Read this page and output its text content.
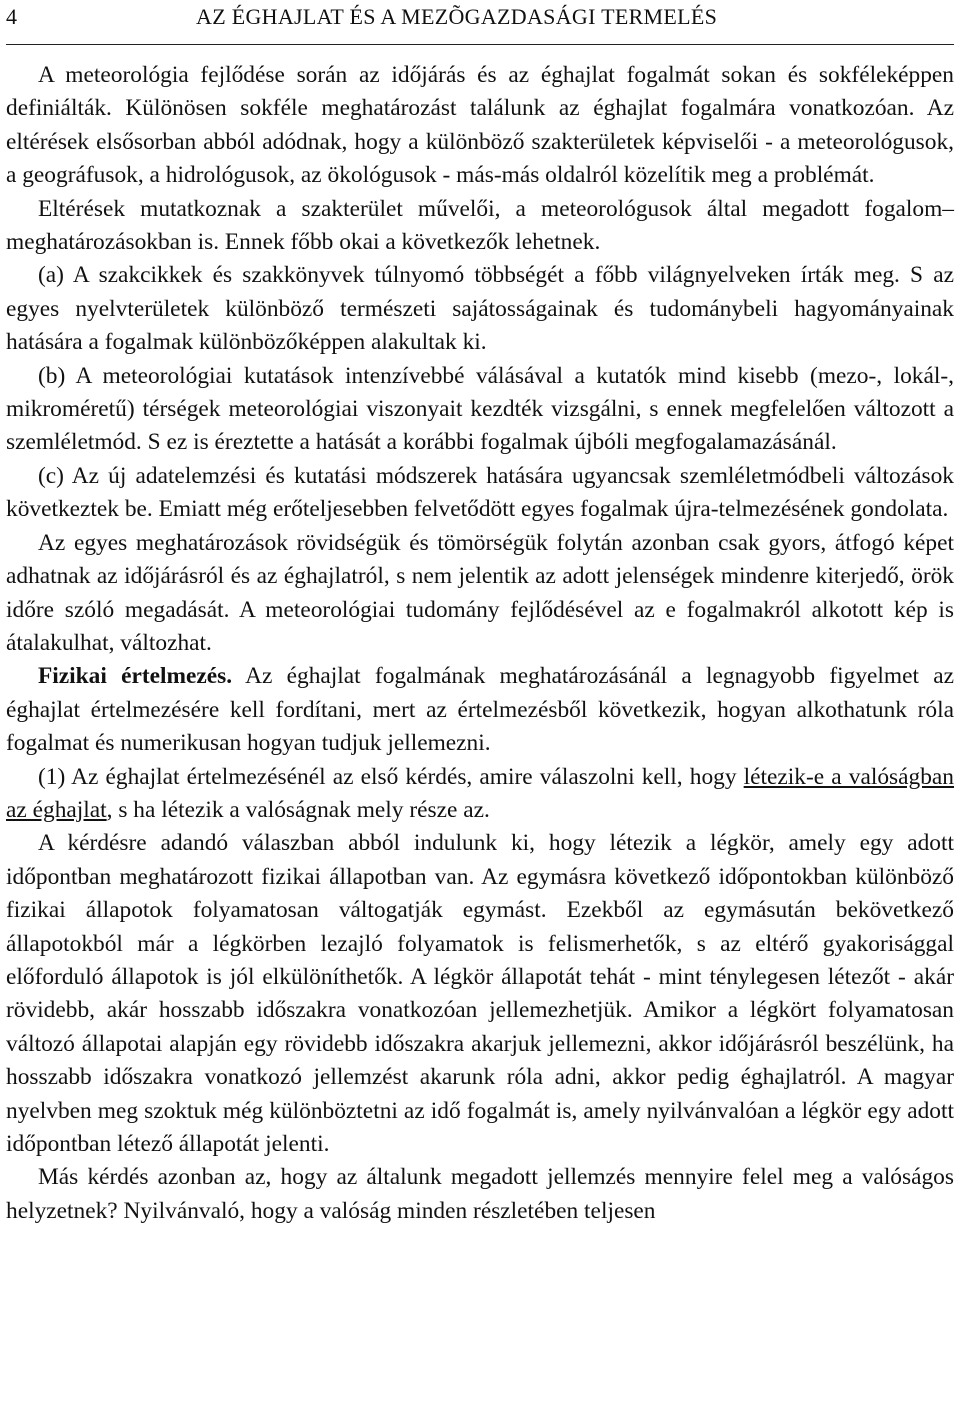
4	AZ ÉGHAJLAT ÉS A MEZÕGAZDASÁGI TERMELÉS

A meteorológia fejlődése során az időjárás és az éghajlat fogalmát sokan és sokféleképpen definiálták. Különösen sokféle meghatározást találunk az éghajlat fogalmára vonatkozóan. Az eltérések elsősorban abból adódnak, hogy a különböző szakterületek képviselői - a meteorológusok, a geográfusok, a hidrológusok, az ökológusok - más-más oldalról közelítik meg a problémát.

Eltérések mutatkoznak a szakterület művelői, a meteorológusok által megadott fogalom–meghatározásokban is. Ennek főbb okai a következők lehetnek.

(a) A szakcikkek és szakkönyvek túlnyomó többségét a főbb világnyelveken írták meg. S az egyes nyelvterületek különböző természeti sajátosságainak és tudománybeli hagyományainak hatására a fogalmak különbözőképpen alakultak ki.

(b) A meteorológiai kutatások intenzívebbé válásával a kutatók mind kisebb (mezo-, lokál-, mikroméretű) térségek meteorológiai viszonyait kezdték vizsgálni, s ennek megfelelően változott a szemléletmód. S ez is éreztette a hatását a korábbi fogalmak újbóli megfogalamazásánál.

(c) Az új adatelemzési és kutatási módszerek hatására ugyancsak szemléletmódbeli változások következtek be. Emiatt még erőteljesebben felvetődött egyes fogalmak újra-telmezésének gondolata.

Az egyes meghatározások rövidségük és tömörségük folytán azonban csak gyors, átfogó képet adhatnak az időjárásról és az éghajlatról, s nem jelentik az adott jelenségek mindenre kiterjedő, örök időre szóló megadását. A meteorológiai tudomány fejlődésével az e fogalmakról alkotott kép is átalakulhat, változhat.

Fizikai értelmezés. Az éghajlat fogalmának meghatározásánál a legnagyobb figyelmet az éghajlat értelmezésére kell fordítani, mert az értelmezésből következik, hogyan alkothatunk róla fogalmat és numerikusan hogyan tudjuk jellemezni.

(1) Az éghajlat értelmezésénél az első kérdés, amire válaszolni kell, hogy létezik-e a valóságban az éghajlat, s ha létezik a valóságnak mely része az.

A kérdésre adandó válaszban abból indulunk ki, hogy létezik a légkör, amely egy adott időpontban meghatározott fizikai állapotban van. Az egymásra következő időpontokban különböző fizikai állapotok folyamatosan váltogatják egymást. Ezekből az egymásután bekövetkező állapotokból már a légkörben lezajló folyamatok is felismerhetők, s az eltérő gyakorisággal előforduló állapotok is jól elkülöníthetők. A légkör állapotát tehát - mint ténylegesen létezőt - akár rövidebb, akár hosszabb időszakra vonatkozóan jellemezhetjük. Amikor a légkört folyamatosan változó állapotai alapján egy rövidebb időszakra akarjuk jellemezni, akkor időjárásról beszélünk, ha hosszabb időszakra vonatkozó jellemzést akarunk róla adni, akkor pedig éghajlatról. A magyar nyelvben meg szoktuk még különböztetni az idő fogalmát is, amely nyilvánvalóan a légkör egy adott időpontban létező állapotát jelenti.

Más kérdés azonban az, hogy az általunk megadott jellemzés mennyire felel meg a valóságos helyzetnek? Nyilvánvaló, hogy a valóság minden részletében teljesen
